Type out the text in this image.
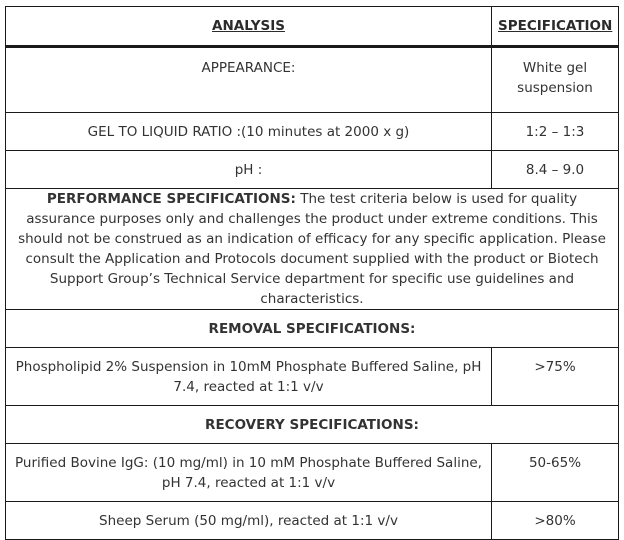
ANALYSIS	SPECIFICATION
APPEARANCE:	White gel suspension
GEL TO LIQUID RATIO :(10 minutes at 2000 x g)	1:2 – 1:3
pH :	8.4 – 9.0
PERFORMANCE SPECIFICATIONS: The test criteria below is used for quality assurance purposes only and challenges the product under extreme conditions. This should not be construed as an indication of efficacy for any specific application. Please consult the Application and Protocols document supplied with the product or Biotech Support Group’s Technical Service department for specific use guidelines and characteristics.	
REMOVAL SPECIFICATIONS:	
Phospholipid 2% Suspension in 10mM Phosphate Buffered Saline, pH 7.4, reacted at 1:1 v/v	>75%
RECOVERY SPECIFICATIONS:	
Purified Bovine IgG: (10 mg/ml) in 10 mM Phosphate Buffered Saline, pH 7.4, reacted at 1:1 v/v	50-65%
Sheep Serum (50 mg/ml), reacted at 1:1 v/v	>80%
